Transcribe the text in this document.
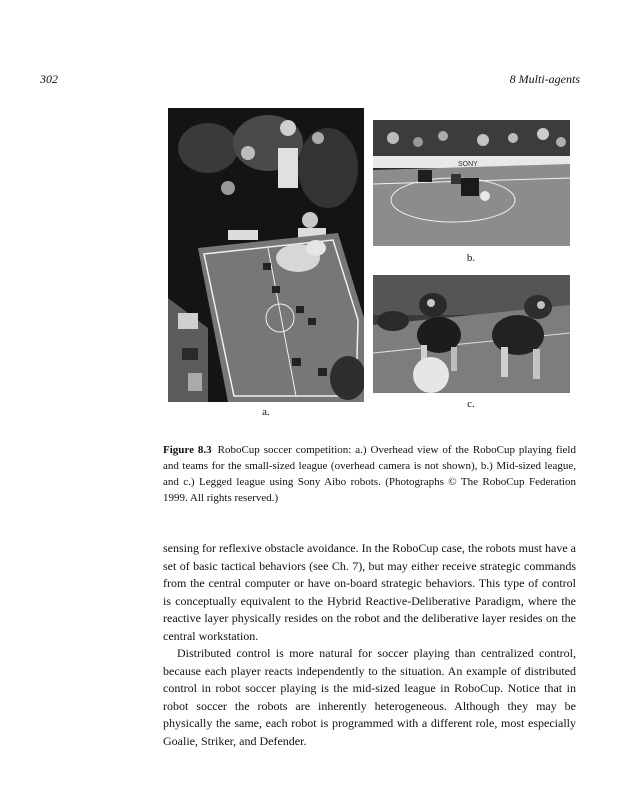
302	8 Multi-agents
SONY
a.
b.
c.
Figure 8.3 RoboCup soccer competition: a.) Overhead view of the RoboCup playing field and teams for the small-sized league (overhead camera is not shown), b.) Mid-sized league, and c.) Legged league using Sony Aibo robots. (Photographs © The RoboCup Federation 1999. All rights reserved.)

sensing for reflexive obstacle avoidance. In the RoboCup case, the robots must have a set of basic tactical behaviors (see Ch. 7), but may either receive strategic commands from the central computer or have on-board strategic behaviors. This type of control is conceptually equivalent to the Hybrid Reactive-Deliberative Paradigm, where the reactive layer physically resides on the robot and the deliberative layer resides on the central workstation.

Distributed control is more natural for soccer playing than centralized control, because each player reacts independently to the situation. An example of distributed control in robot soccer playing is the mid-sized league in RoboCup. Notice that in robot soccer the robots are inherently heterogeneous. Although they may be physically the same, each robot is programmed with a different role, most especially Goalie, Striker, and Defender.
